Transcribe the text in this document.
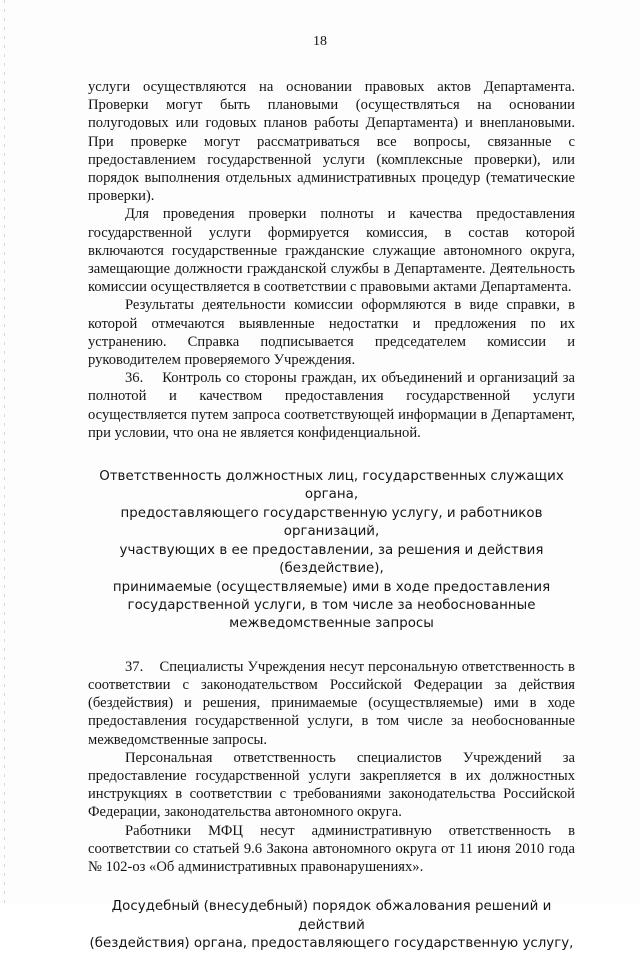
18

услуги осуществляются на основании правовых актов Департамента. Проверки могут быть плановыми (осуществляться на основании полугодовых или годовых планов работы Департамента) и внеплановыми. При проверке могут рассматриваться все вопросы, связанные с предоставлением государственной услуги (комплексные проверки), или порядок выполнения отдельных административных процедур (тематические проверки).

Для проведения проверки полноты и качества предоставления государственной услуги формируется комиссия, в состав которой включаются государственные гражданские служащие автономного округа, замещающие должности гражданской службы в Департаменте. Деятельность комиссии осуществляется в соответствии с правовыми актами Департамента.

Результаты деятельности комиссии оформляются в виде справки, в которой отмечаются выявленные недостатки и предложения по их устранению. Справка подписывается председателем комиссии и руководителем проверяемого Учреждения.

36.    Контроль со стороны граждан, их объединений и организаций за полнотой и качеством предоставления государственной услуги осуществляется путем запроса соответствующей информации в Департамент, при условии, что она не является конфиденциальной.

Ответственность должностных лиц, государственных служащих органа,
предоставляющего государственную услугу, и работников организаций,
участвующих в ее предоставлении, за решения и действия (бездействие),
принимаемые (осуществляемые) ими в ходе предоставления
государственной услуги, в том числе за необоснованные
межведомственные запросы

37.    Специалисты Учреждения несут персональную ответственность в соответствии с законодательством Российской Федерации за действия (бездействия) и решения, принимаемые (осуществляемые) ими в ходе предоставления государственной услуги, в том числе за необоснованные межведомственные запросы.

Персональная ответственность специалистов Учреждений за предоставление государственной услуги закрепляется в их должностных инструкциях в соответствии с требованиями законодательства Российской Федерации, законодательства автономного округа.

Работники МФЦ несут административную ответственность в соответствии со статьей 9.6 Закона автономного округа от 11 июня 2010 года № 102-оз «Об административных правонарушениях».

Досудебный (внесудебный) порядок обжалования решений и действий
(бездействия) органа, предоставляющего государственную услугу,
